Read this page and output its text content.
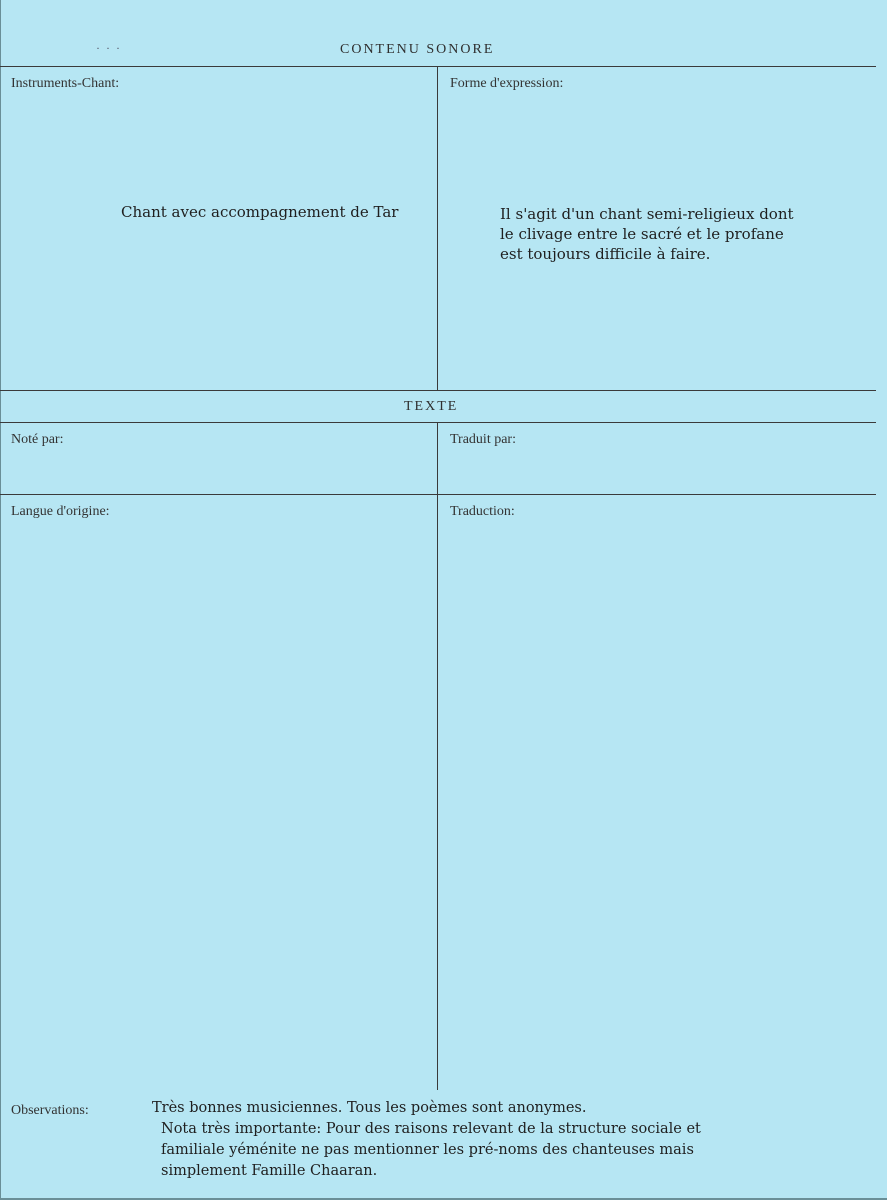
···	CONTENU SONORE
Instruments-Chant:	Forme d'expression:

Chant avec accompagnement de Tar	Il s'agit d'un chant semi-religieux dont

le clivage entre le sacré et le profane

est toujours difficile à faire.

TEXTE
Noté par:	Traduit par:
Langue d'origine:	Traduction:
Observations:	Très bonnes musiciennes. Tous les poèmes sont anonymes.

Nota très importante: Pour des raisons relevant de la structure sociale et

familiale yéménite ne pas mentionner les pré-noms des chanteuses mais

simplement Famille Chaaran.
